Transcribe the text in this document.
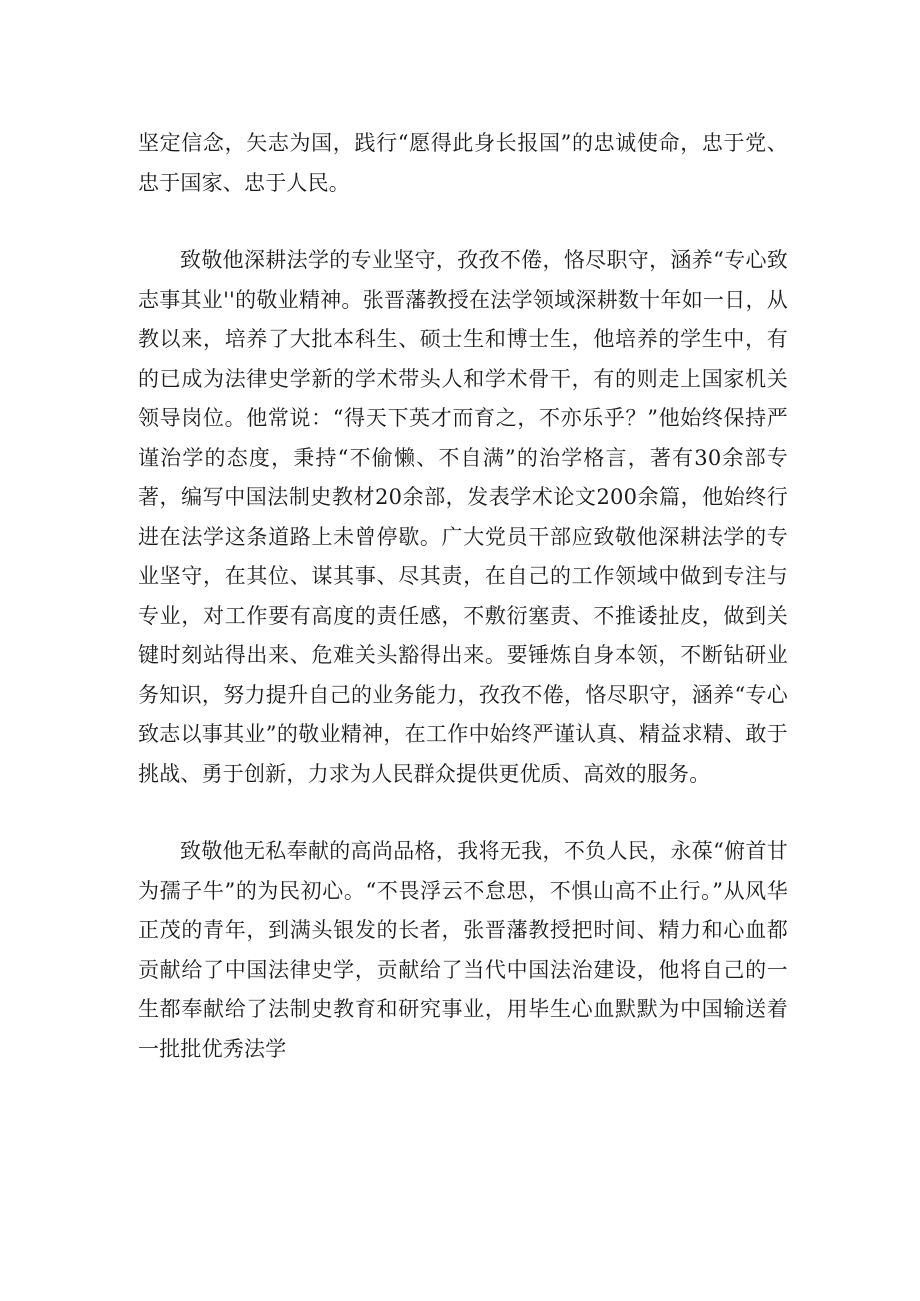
坚定信念，矢志为国，践行“愿得此身长报国”的忠诚使命，忠于党、忠于国家、忠于人民。

致敬他深耕法学的专业坚守，孜孜不倦，恪尽职守，涵养“专心致志事其业''的敬业精神。张晋藩教授在法学领域深耕数十年如一日，从教以来，培养了大批本科生、硕士生和博士生，他培养的学生中，有的已成为法律史学新的学术带头人和学术骨干，有的则走上国家机关领导岗位。他常说：“得天下英才而育之，不亦乐乎？”他始终保持严谨治学的态度，秉持“不偷懒、不自满”的治学格言，著有30余部专著，编写中国法制史教材20余部，发表学术论文200余篇，他始终行进在法学这条道路上未曾停歇。广大党员干部应致敬他深耕法学的专业坚守，在其位、谋其事、尽其责，在自己的工作领域中做到专注与专业，对工作要有高度的责任感，不敷衍塞责、不推诿扯皮，做到关键时刻站得出来、危难关头豁得出来。要锤炼自身本领，不断钻研业务知识，努力提升自己的业务能力，孜孜不倦，恪尽职守，涵养“专心致志以事其业”的敬业精神，在工作中始终严谨认真、精益求精、敢于挑战、勇于创新，力求为人民群众提供更优质、高效的服务。

致敬他无私奉献的高尚品格，我将无我，不负人民，永葆“俯首甘为孺子牛”的为民初心。“不畏浮云不怠思，不惧山高不止行。”从风华正茂的青年，到满头银发的长者，张晋藩教授把时间、精力和心血都贡献给了中国法律史学，贡献给了当代中国法治建设，他将自己的一生都奉献给了法制史教育和研究事业，用毕生心血默默为中国输送着一批批优秀法学
